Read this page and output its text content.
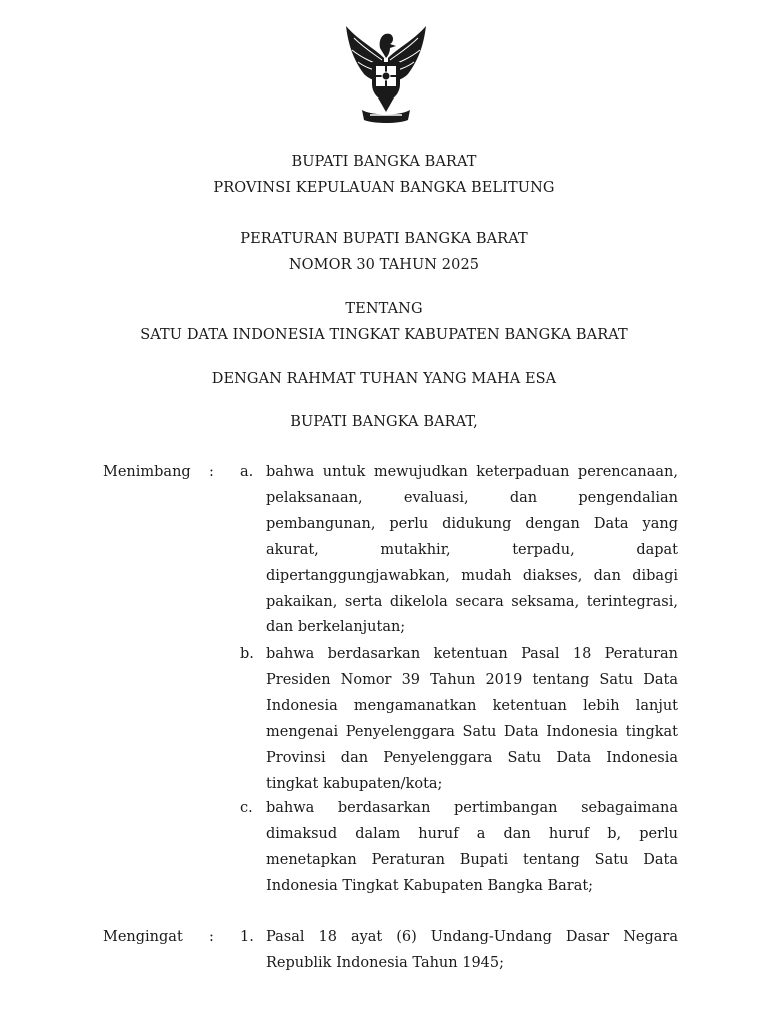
BUPATI BANGKA BARAT
PROVINSI KEPULAUAN BANGKA BELITUNG
PERATURAN BUPATI BANGKA BARAT
NOMOR 30 TAHUN 2025
TENTANG
SATU DATA INDONESIA TINGKAT KABUPATEN BANGKA BARAT
DENGAN RAHMAT TUHAN YANG MAHA ESA
BUPATI BANGKA BARAT,
Menimbang : a. bahwa untuk mewujudkan keterpaduan perencanaan, pelaksanaan, evaluasi, dan pengendalian pembangunan, perlu didukung dengan Data yang akurat, mutakhir, terpadu, dapat dipertanggungjawabkan, mudah diakses, dan dibagi pakaikan, serta dikelola secara seksama, terintegrasi, dan berkelanjutan;
b. bahwa berdasarkan ketentuan Pasal 18 Peraturan Presiden Nomor 39 Tahun 2019 tentang Satu Data Indonesia mengamanatkan ketentuan lebih lanjut mengenai Penyelenggara Satu Data Indonesia tingkat Provinsi dan Penyelenggara Satu Data Indonesia tingkat kabupaten/kota;
c. bahwa berdasarkan pertimbangan sebagaimana dimaksud dalam huruf a dan huruf b, perlu menetapkan Peraturan Bupati tentang Satu Data Indonesia Tingkat Kabupaten Bangka Barat;
Mengingat : 1. Pasal 18 ayat (6) Undang-Undang Dasar Negara Republik Indonesia Tahun 1945;
